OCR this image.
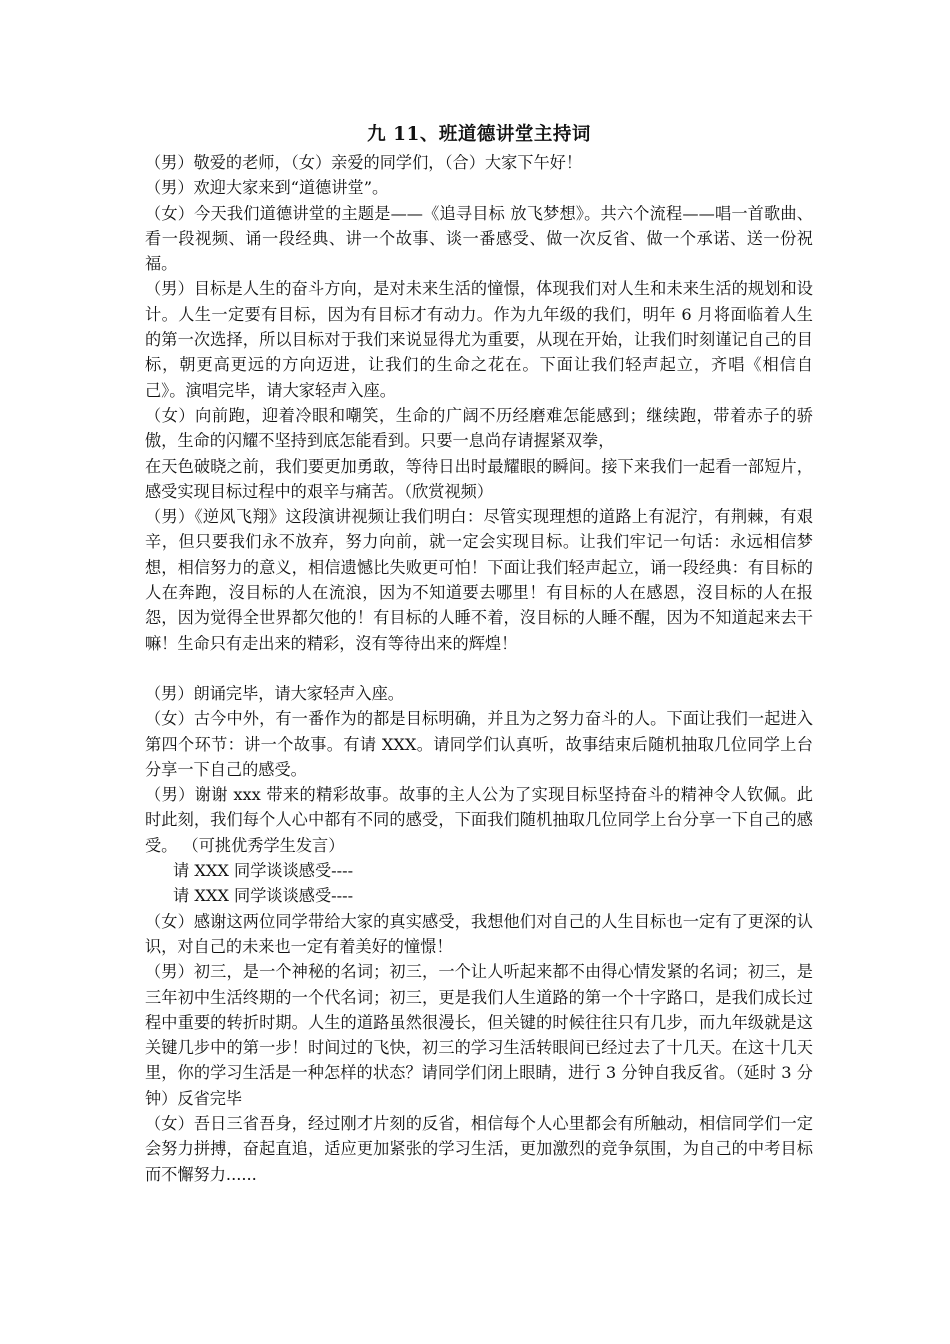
九 11、班道德讲堂主持词

（男）敬爱的老师，（女）亲爱的同学们，（合）大家下午好！

（男）欢迎大家来到“道德讲堂”。

（女）今天我们道德讲堂的主题是——《追寻目标 放飞梦想》。共六个流程——唱一首歌曲、看一段视频、诵一段经典、讲一个故事、谈一番感受、做一次反省、做一个承诺、送一份祝福。

（男）目标是人生的奋斗方向，是对未来生活的憧憬，体现我们对人生和未来生活的规划和设计。人生一定要有目标，因为有目标才有动力。作为九年级的我们，明年 6 月将面临着人生的第一次选择，所以目标对于我们来说显得尤为重要，从现在开始，让我们时刻谨记自己的目标，朝更高更远的方向迈进，让我们的生命之花在。下面让我们轻声起立，齐唱《相信自己》。演唱完毕，请大家轻声入座。

（女）向前跑，迎着冷眼和嘲笑，生命的广阔不历经磨难怎能感到；继续跑，带着赤子的骄傲，生命的闪耀不坚持到底怎能看到。只要一息尚存请握紧双拳，

在天色破晓之前，我们要更加勇敢，等待日出时最耀眼的瞬间。接下来我们一起看一部短片，感受实现目标过程中的艰辛与痛苦。（欣赏视频）

（男）《逆风飞翔》这段演讲视频让我们明白：尽管实现理想的道路上有泥泞，有荆棘，有艰辛，但只要我们永不放弃，努力向前，就一定会实现目标。让我们牢记一句话：永远相信梦想，相信努力的意义，相信遗憾比失败更可怕！下面让我们轻声起立，诵一段经典：有目标的人在奔跑，沒目标的人在流浪，因为不知道要去哪里！有目标的人在感恩，沒目标的人在报怨，因为觉得全世界都欠他的！有目标的人睡不着，沒目标的人睡不醒，因为不知道起来去干嘛！生命只有走出来的精彩，沒有等待出来的辉煌！

（男）朗诵完毕，请大家轻声入座。

（女）古今中外，有一番作为的都是目标明确，并且为之努力奋斗的人。下面让我们一起进入第四个环节：讲一个故事。有请 XXX。请同学们认真听，故事结束后随机抽取几位同学上台分享一下自己的感受。

（男）谢谢 xxx 带来的精彩故事。故事的主人公为了实现目标坚持奋斗的精神令人钦佩。此时此刻，我们每个人心中都有不同的感受，下面我们随机抽取几位同学上台分享一下自己的感受。 （可挑优秀学生发言）

请 XXX 同学谈谈感受----

请 XXX 同学谈谈感受----

（女）感谢这两位同学带给大家的真实感受，我想他们对自己的人生目标也一定有了更深的认识，对自己的未来也一定有着美好的憧憬！

（男）初三，是一个神秘的名词；初三，一个让人听起来都不由得心情发紧的名词；初三，是三年初中生活终期的一个代名词；初三，更是我们人生道路的第一个十字路口，是我们成长过程中重要的转折时期。人生的道路虽然很漫长，但关键的时候往往只有几步，而九年级就是这关键几步中的第一步！时间过的飞快，初三的学习生活转眼间已经过去了十几天。在这十几天里，你的学习生活是一种怎样的状态？请同学们闭上眼睛，进行 3 分钟自我反省。（延时 3 分钟）反省完毕

（女）吾日三省吾身，经过刚才片刻的反省，相信每个人心里都会有所触动，相信同学们一定会努力拼搏，奋起直追，适应更加紧张的学习生活，更加激烈的竞争氛围，为自己的中考目标而不懈努力......
